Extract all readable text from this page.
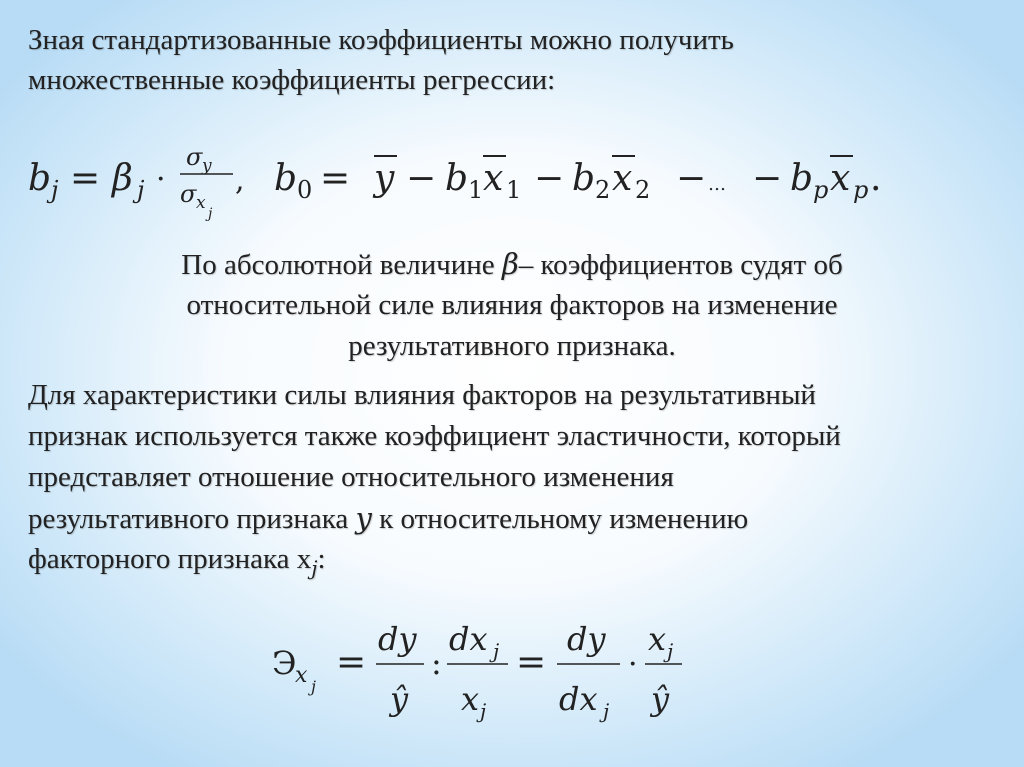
Зная стандартизованные коэффициенты можно получить
множественные коэффициенты регрессии:
b j = β j ·
σ y
σ x
j
, b 0 = y − b 1 x 1 − b 2 x 2 − … − b p x p .
По абсолютной величине β– коэффициентов судят об
относительной силе влияния факторов на изменение
результативного признака.
Для характеристики силы влияния факторов на результативный
признак используется также коэффициент эластичности, который
представляет отношение относительного изменения
результативного признака y к относительному изменению
факторного признака $x_j$:
Э
x j
=
dy
ŷ
:
dx j
x j
=
dy
dx j
·
x j
ŷ
